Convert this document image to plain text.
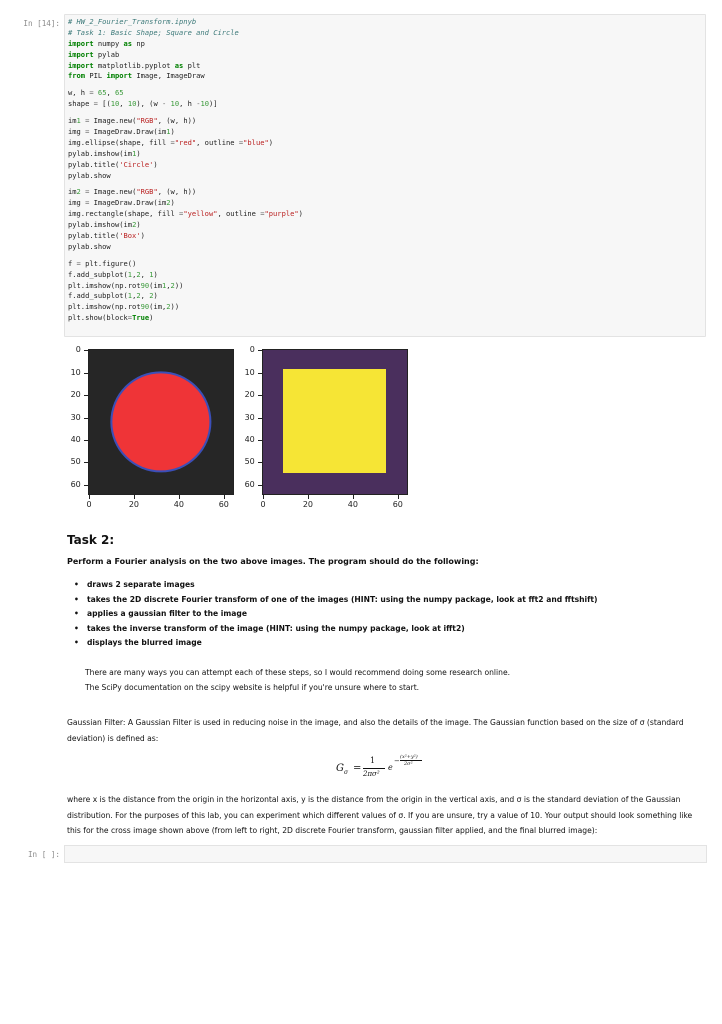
In [14]: # HW_2_Fourier_Transform.ipnyb
# Task 1: Basic Shape; Square and Circle
import numpy as np
import pylab
import matplotlib.pyplot as plt
from PIL import Image, ImageDraw
w, h = 65, 65
shape = [(10, 10), (w - 10, h -10)]
im1 = Image.new("RGB", (w, h))
img = ImageDraw.Draw(im1)
img.ellipse(shape, fill ="red", outline ="blue")
pylab.imshow(im1)
pylab.title('Circle')
pylab.show
im2 = Image.new("RGB", (w, h))
img = ImageDraw.Draw(im2)
img.rectangle(shape, fill ="yellow", outline ="purple")
pylab.imshow(im2)
pylab.title('Box')
pylab.show
f = plt.figure()
f.add_subplot(1,2, 1)
plt.imshow(np.rot90(im1,2))
f.add_subplot(1,2, 2)
plt.imshow(np.rot90(im,2))
plt.show(block=True)
0
10
20
30
40
50
60
0	20	40	60
0
10
20
30
40
50
60
0	20	40	60
Task 2:
Perform a Fourier analysis on the two above images. The program should do the following:
• draws 2 separate images
• takes the 2D discrete Fourier transform of one of the images (HINT: using the numpy package, look at fft2 and fftshift)
• applies a gaussian filter to the image
• takes the inverse transform of the image (HINT: using the numpy package, look at ifft2)
• displays the blurred image
There are many ways you can attempt each of these steps, so I would recommend doing some research online.
The SciPy documentation on the scipy website is helpful if you're unsure where to start.
Gaussian Filter: A Gaussian Filter is used in reducing noise in the image, and also the details of the image. The Gaussian function based on the size of σ (standard deviation) is defined as:
G σ =
1
2πσ²
e
− (x²+y²)
2σ²
where x is the distance from the origin in the horizontal axis, y is the distance from the origin in the vertical axis, and σ is the standard deviation of the Gaussian distribution. For the purposes of this lab, you can experiment which different values of σ. If you are unsure, try a value of 10. Your output should look something like this for the cross image shown above (from left to right, 2D discrete Fourier transform, gaussian filter applied, and the final blurred image):
In [ ]:
